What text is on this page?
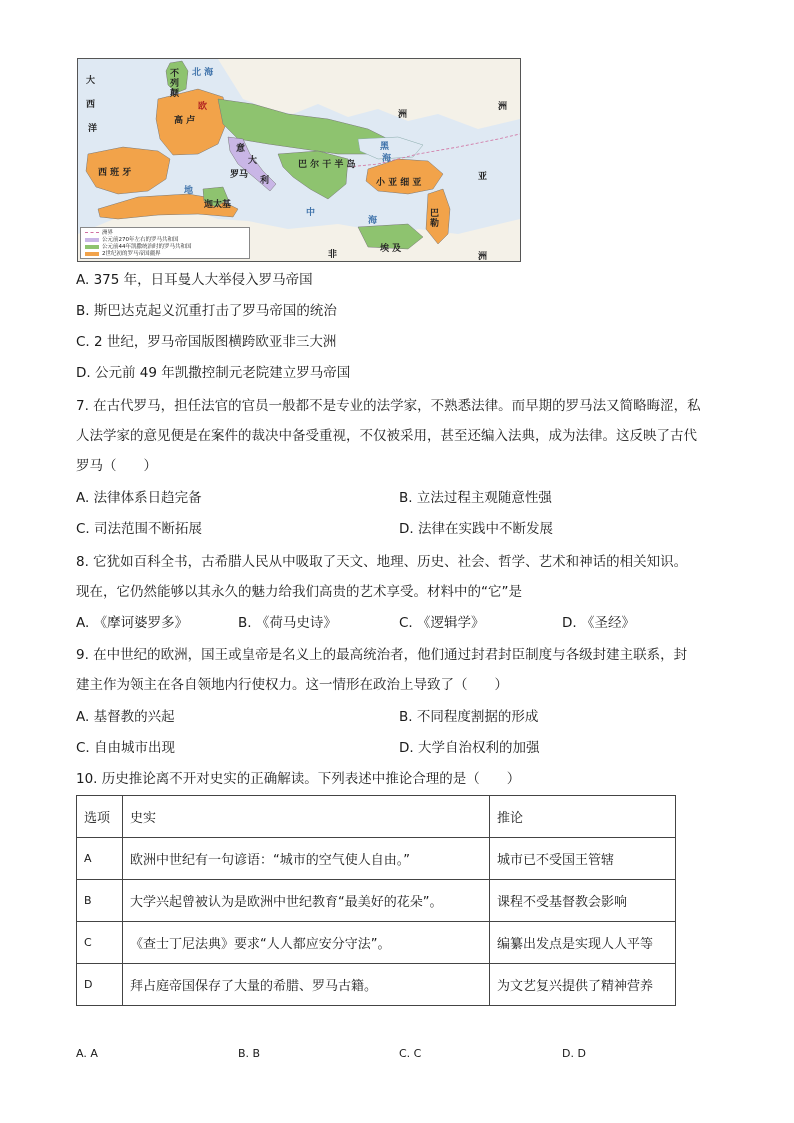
大
西
洋
北 海
不列颠
欧
高 卢
洲
西 班 牙
意
大
罗马
利
巴 尔 干 半 岛
黑
海
小 亚 细 亚
地
中
海
迦太基
巴勒
埃 及
非	洲
亚
洲
洲界
公元前270年左右的罗马共和国
公元前44年凯撒统治时的罗马共和国
2世纪初的罗马帝国疆界
A. 375 年，日耳曼人大举侵入罗马帝国
B. 斯巴达克起义沉重打击了罗马帝国的统治
C. 2 世纪，罗马帝国版图横跨欧亚非三大洲
D. 公元前 49 年凯撒控制元老院建立罗马帝国
7. 在古代罗马，担任法官的官员一般都不是专业的法学家，不熟悉法律。而早期的罗马法又简略晦涩，私
人法学家的意见便是在案件的裁决中备受重视，不仅被采用，甚至还编入法典，成为法律。这反映了古代
罗马（　　）
A. 法律体系日趋完备	B. 立法过程主观随意性强
C. 司法范围不断拓展	D. 法律在实践中不断发展
8. 它犹如百科全书，古希腊人民从中吸取了天文、地理、历史、社会、哲学、艺术和神话的相关知识。
现在，它仍然能够以其永久的魅力给我们高贵的艺术享受。材料中的“它”是
A. 《摩诃婆罗多》	B. 《荷马史诗》	C. 《逻辑学》	D. 《圣经》
9. 在中世纪的欧洲，国王或皇帝是名义上的最高统治者，他们通过封君封臣制度与各级封建主联系，封
建主作为领主在各自领地内行使权力。这一情形在政治上导致了（　　）
A. 基督教的兴起	B. 不同程度割据的形成
C. 自由城市出现	D. 大学自治权利的加强
10. 历史推论离不开对史实的正确解读。下列表述中推论合理的是（　　）
选项	史实	推论
A	欧洲中世纪有一句谚语：“城市的空气使人自由。”	城市已不受国王管辖
B	大学兴起曾被认为是欧洲中世纪教育“最美好的花朵”。	课程不受基督教会影响
C	《查士丁尼法典》要求“人人都应安分守法”。	编纂出发点是实现人人平等
D	拜占庭帝国保存了大量的希腊、罗马古籍。	为文艺复兴提供了精神营养
A. A	B. B	C. C	D. D
